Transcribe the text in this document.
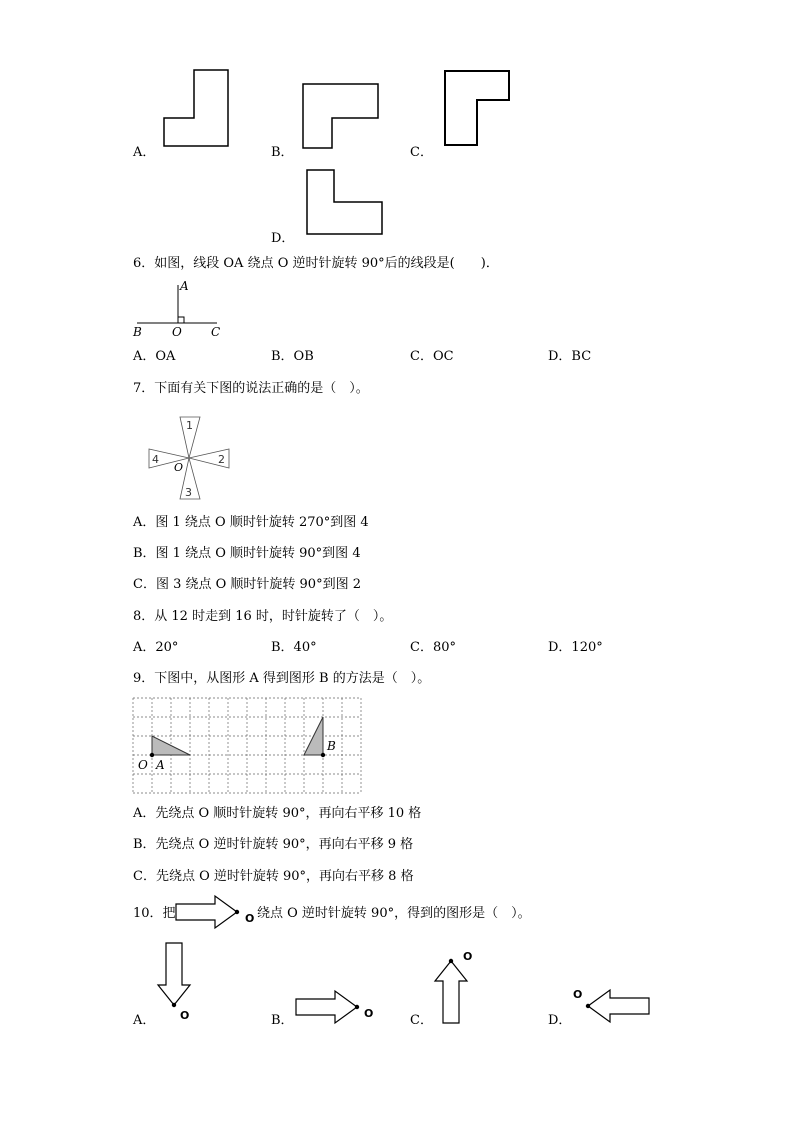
A．	B．	C．
D．
6．如图，线段 OA 绕点 O 逆时针旋转 90°后的线段是(　　)．
A
B	O C
A．OA	B．OB	C．OC	D．BC
7．下面有关下图的说法正确的是（　）。
1
2
3
4
O
A．图 1 绕点 O 顺时针旋转 270°到图 4
B．图 1 绕点 O 顺时针旋转 90°到图 4
C．图 3 绕点 O 顺时针旋转 90°到图 2
8．从 12 时走到 16 时，时针旋转了（　）。
A．20°	B．40°	C．80°	D．120°
9．下图中，从图形 A 得到图形 B 的方法是（　）。
O A
B
A．先绕点 O 顺时针旋转 90°，再向右平移 10 格
B．先绕点 O 逆时针旋转 90°，再向右平移 9 格
C．先绕点 O 逆时针旋转 90°，再向右平移 8 格
10．把	O 绕点 O 逆时针旋转 90°，得到的图形是（　）。
A． O	B．	O	C．
O
D．
O
